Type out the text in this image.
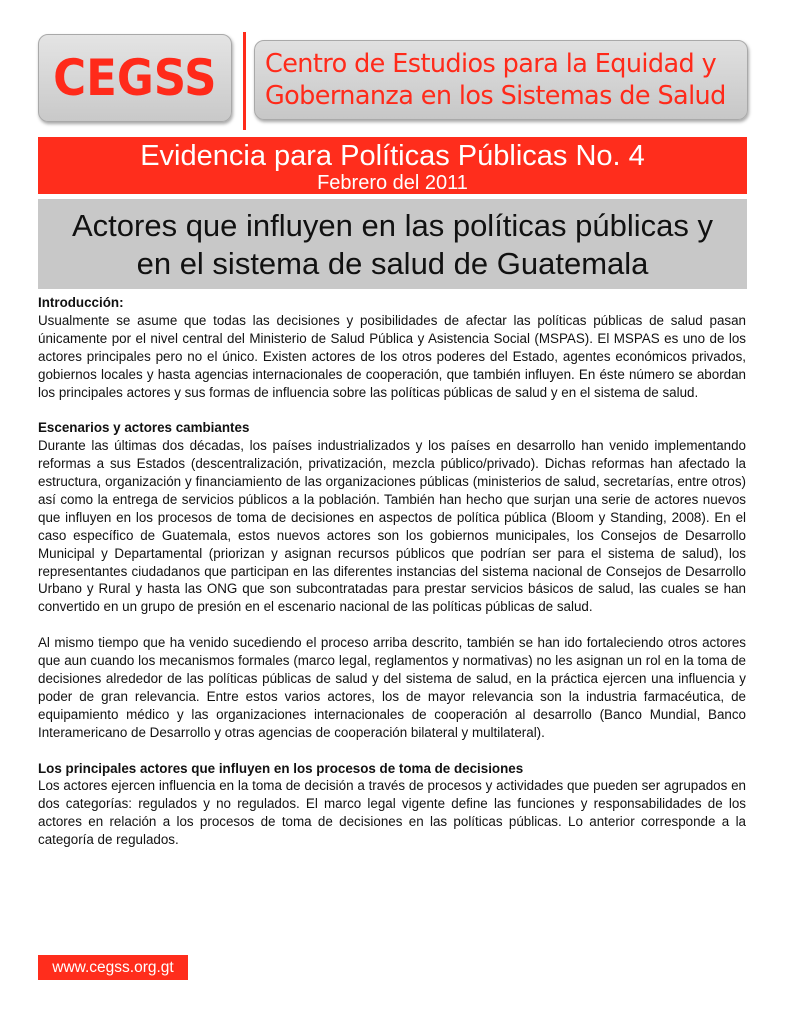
CEGSS Centro de Estudios para la Equidad y
Gobernanza en los Sistemas de Salud
Evidencia para Políticas Públicas No. 4
Febrero del 2011
Actores que influyen en las políticas públicas y
en el sistema de salud de Guatemala
Introducción:

Usualmente se asume que todas las decisiones y posibilidades de afectar las políticas públicas de salud pasan únicamente por el nivel central del Ministerio de Salud Pública y Asistencia Social (MSPAS). El MSPAS es uno de los actores principales pero no el único. Existen actores de los otros poderes del Estado, agentes económicos privados, gobiernos locales y hasta agencias internacionales de cooperación, que también influyen. En éste número se abordan los principales actores y sus formas de influencia sobre las políticas públicas de salud y en el sistema de salud.

Escenarios y actores cambiantes

Durante las últimas dos décadas, los países industrializados y los países en desarrollo han venido implementando reformas a sus Estados (descentralización, privatización, mezcla público/privado). Dichas reformas han afectado la estructura, organización y financiamiento de las organizaciones públicas (ministerios de salud, secretarías, entre otros) así como la entrega de servicios públicos a la población. También han hecho que surjan una serie de actores nuevos que influyen en los procesos de toma de decisiones en aspectos de política pública (Bloom y Standing, 2008). En el caso específico de Guatemala, estos nuevos actores son los gobiernos municipales, los Consejos de Desarrollo Municipal y Departamental (priorizan y asignan recursos públicos que podrían ser para el sistema de salud), los representantes ciudadanos que participan en las diferentes instancias del sistema nacional de Consejos de Desarrollo Urbano y Rural y hasta las ONG que son subcontratadas para prestar servicios básicos de salud, las cuales se han convertido en un grupo de presión en el escenario nacional de las políticas públicas de salud.

Al mismo tiempo que ha venido sucediendo el proceso arriba descrito, también se han ido fortaleciendo otros actores que aun cuando los mecanismos formales (marco legal, reglamentos y normativas) no les asignan un rol en la toma de decisiones alrededor de las políticas públicas de salud y del sistema de salud, en la práctica ejercen una influencia y poder de gran relevancia. Entre estos varios actores, los de mayor relevancia son la industria farmacéutica, de equipamiento médico y las organizaciones internacionales de cooperación al desarrollo (Banco Mundial, Banco Interamericano de Desarrollo y otras agencias de cooperación bilateral y multilateral).

Los principales actores que influyen en los procesos de toma de decisiones

Los actores ejercen influencia en la toma de decisión a través de procesos y actividades que pueden ser agrupados en dos categorías: regulados y no regulados. El marco legal vigente define las funciones y responsabilidades de los actores en relación a los procesos de toma de decisiones en las políticas públicas. Lo anterior corresponde a la categoría de regulados.

www.cegss.org.gt
